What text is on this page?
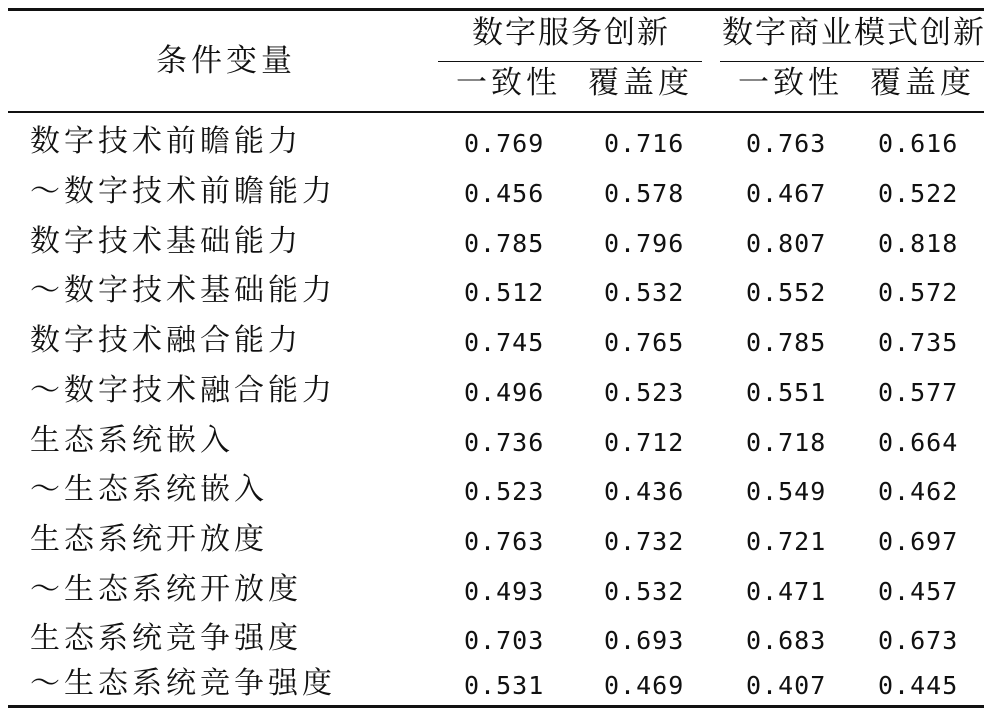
条件变量
数字服务创新 数字商业模式创新
一致性 覆盖度 一致性 覆盖度
数字技术前瞻能力	0.769 0.716 0.763 0.616
～数字技术前瞻能力	0.456 0.578 0.467 0.522
数字技术基础能力	0.785 0.796 0.807 0.818
～数字技术基础能力	0.512 0.532 0.552 0.572
数字技术融合能力	0.745 0.765 0.785 0.735
～数字技术融合能力	0.496 0.523 0.551 0.577
生态系统嵌入	0.736 0.712 0.718 0.664
～生态系统嵌入	0.523 0.436 0.549 0.462
生态系统开放度	0.763 0.732 0.721 0.697
～生态系统开放度	0.493 0.532 0.471 0.457
生态系统竞争强度	0.703 0.693 0.683 0.673
～生态系统竞争强度	0.531 0.469 0.407 0.445
